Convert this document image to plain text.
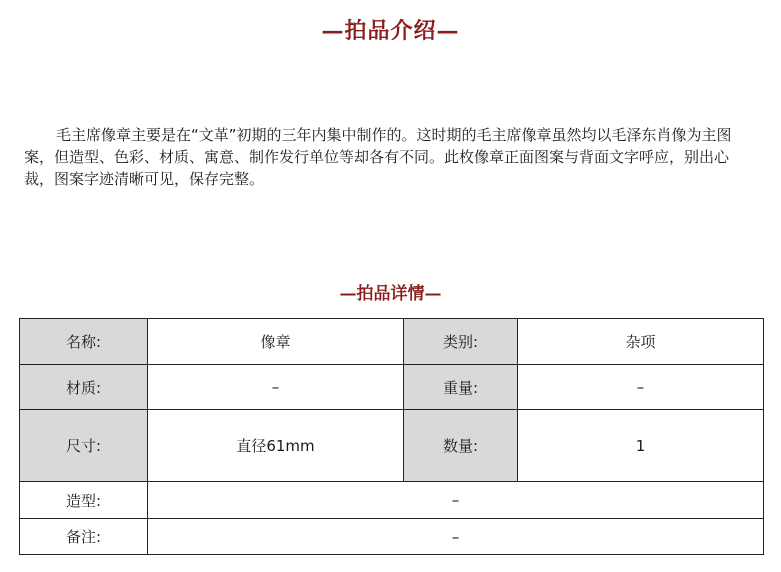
—拍品介绍—

毛主席像章主要是在“文革”初期的三年内集中制作的。这时期的毛主席像章虽然均以毛泽东肖像为主图案，但造型、色彩、材质、寓意、制作发行单位等却各有不同。此枚像章正面图案与背面文字呼应，别出心裁，图案字迹清晰可见，保存完整。

—拍品详情—
名称:	像章	类别:	杂项
材质:	–	重量:	–
尺寸:	直径61mm	数量:	1
造型:	–		
备注:	–		
